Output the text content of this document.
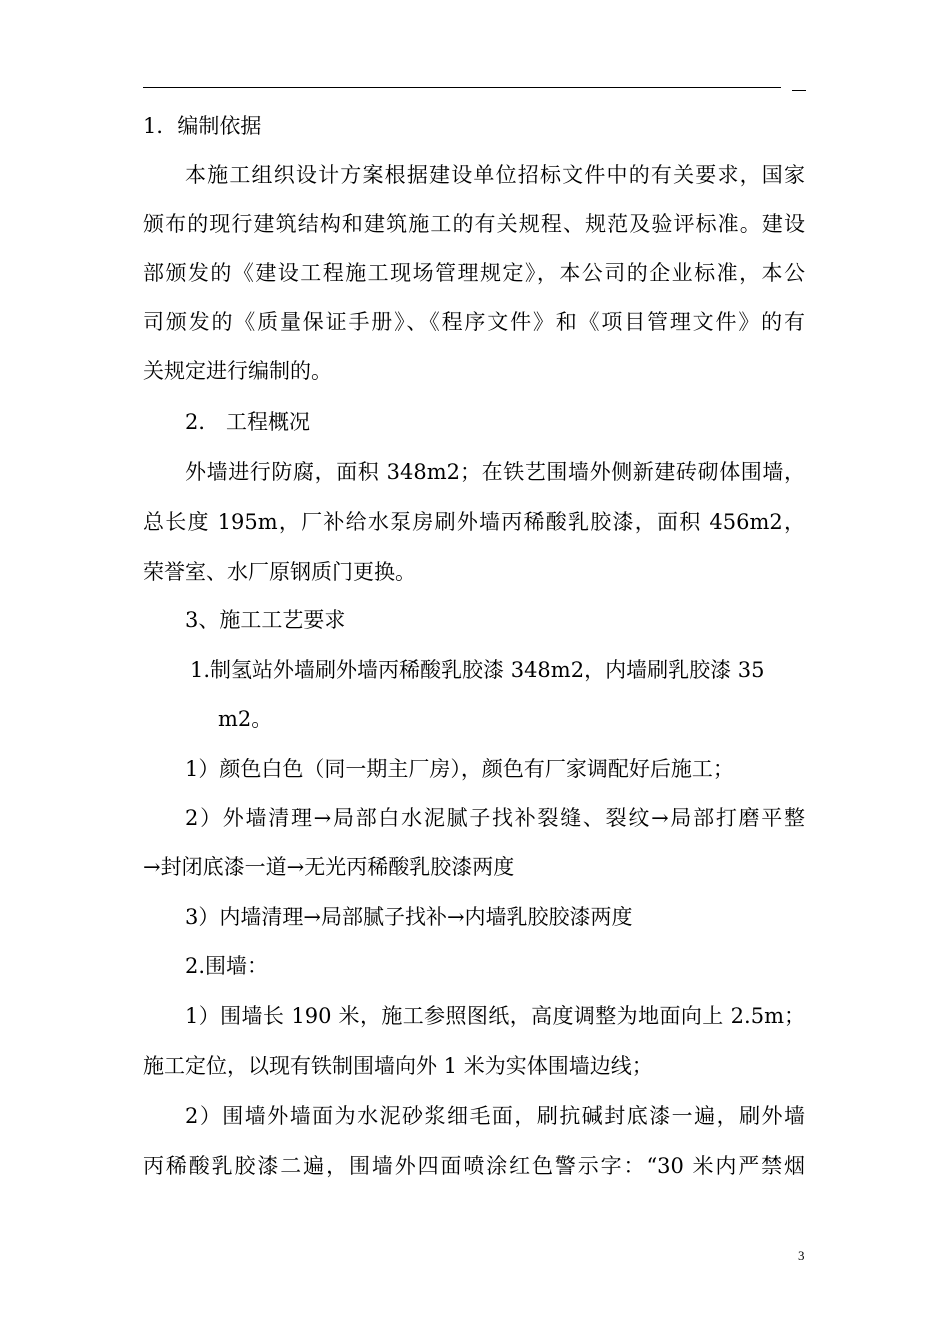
1．编制依据
本施工组织设计方案根据建设单位招标文件中的有关要求，国家
颁布的现行建筑结构和建筑施工的有关规程、规范及验评标准。建设
部颁发的《建设工程施工现场管理规定》，本公司的企业标准，本公
司颁发的《质量保证手册》、《程序文件》和《项目管理文件》的有
关规定进行编制的。
2． 工程概况
外墙进行防腐，面积 348m2；在铁艺围墙外侧新建砖砌体围墙，
总长度 195m，厂补给水泵房刷外墙丙稀酸乳胶漆，面积 456m2，
荣誉室、水厂原钢质门更换。
3、施工工艺要求
1.制氢站外墙刷外墙丙稀酸乳胶漆 348m2，内墙刷乳胶漆 35
m2。
1）颜色白色（同一期主厂房），颜色有厂家调配好后施工；
2）外墙清理→局部白水泥腻子找补裂缝、裂纹→局部打磨平整
→封闭底漆一道→无光丙稀酸乳胶漆两度
3）内墙清理→局部腻子找补→内墙乳胶胶漆两度
2.围墙：
1）围墙长 190 米，施工参照图纸，高度调整为地面向上 2.5m；
施工定位，以现有铁制围墙向外 1 米为实体围墙边线；
2）围墙外墙面为水泥砂浆细毛面，刷抗碱封底漆一遍，刷外墙
丙稀酸乳胶漆二遍，围墙外四面喷涂红色警示字：“30 米内严禁烟
3
